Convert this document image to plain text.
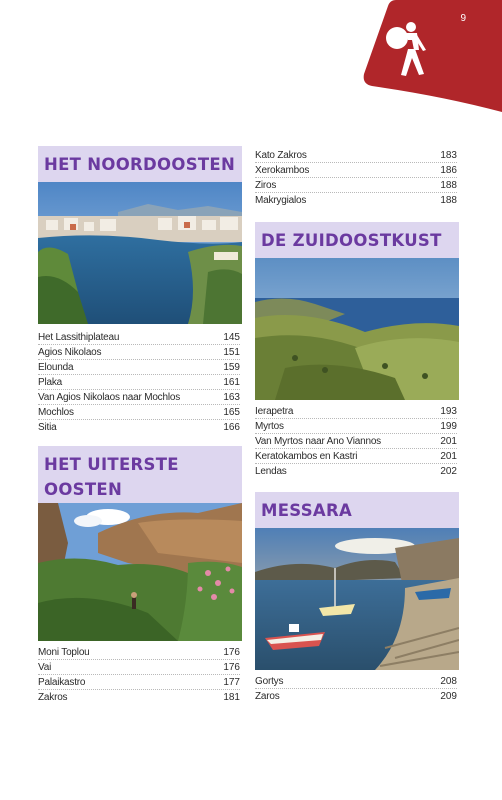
9
HET NOORDOOSTEN
Het Lassithiplateau	145
Agios Nikolaos	151
Elounda	159
Plaka	161
Van Agios Nikolaos naar Mochlos	163
Mochlos	165
Sitia	166
HET UITERSTE
OOSTEN
Moni Toplou	176
Vai	176
Palaikastro	177
Zakros	181
Kato Zakros	183
Xerokambos	186
Ziros	188
Makrygialos	188
DE ZUIDOOSTKUST
Ierapetra	193
Myrtos	199
Van Myrtos naar Ano Viannos	201
Keratokambos en Kastri	201
Lendas	202
MESSARA
Gortys	208
Zaros	209
